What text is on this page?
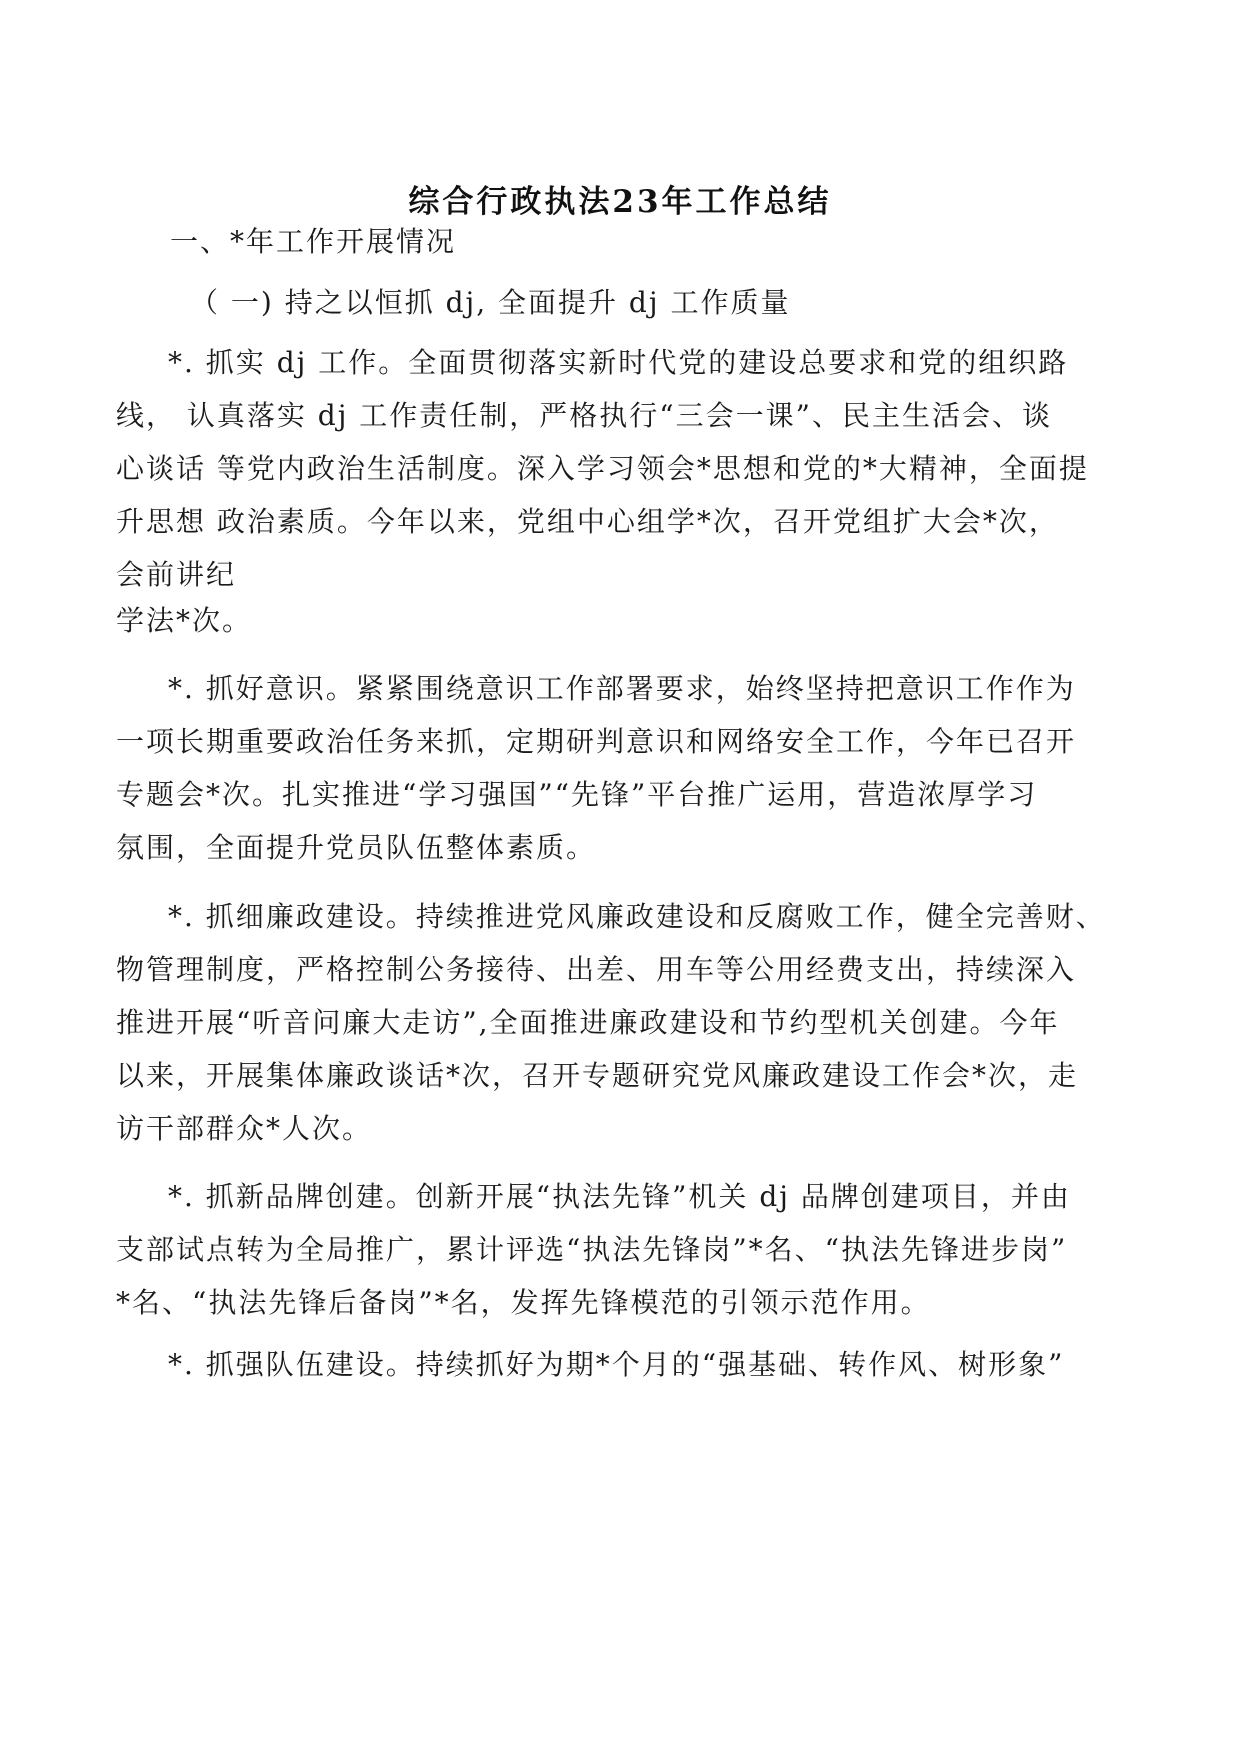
综合行政执法23年工作总结
一、*年工作开展情况
（ 一) 持之以恒抓 dj, 全面提升 dj 工作质量
*. 抓实 dj 工作。全面贯彻落实新时代党的建设总要求和党的组织路
线， 认真落实 dj 工作责任制，严格执行“三会一课”、民主生活会、谈
心谈话 等党内政治生活制度。深入学习领会*思想和党的*大精神，全面提
升思想 政治素质。今年以来，党组中心组学*次，召开党组扩大会*次，
会前讲纪
学法*次。
*. 抓好意识。紧紧围绕意识工作部署要求，始终坚持把意识工作作为
一项长期重要政治任务来抓，定期研判意识和网络安全工作，今年已召开
专题会*次。扎实推进“学习强国”“先锋”平台推广运用，营造浓厚学习
氛围，全面提升党员队伍整体素质。
*. 抓细廉政建设。持续推进党风廉政建设和反腐败工作，健全完善财、
物管理制度，严格控制公务接待、出差、用车等公用经费支出，持续深入
推进开展“听音问廉大走访”,全面推进廉政建设和节约型机关创建。今年
以来，开展集体廉政谈话*次，召开专题研究党风廉政建设工作会*次，走
访干部群众*人次。
*. 抓新品牌创建。创新开展“执法先锋”机关 dj 品牌创建项目，并由
支部试点转为全局推广，累计评选“执法先锋岗”*名、“执法先锋进步岗”
*名、“执法先锋后备岗”*名，发挥先锋模范的引领示范作用。
*. 抓强队伍建设。持续抓好为期*个月的“强基础、转作风、树形象”
